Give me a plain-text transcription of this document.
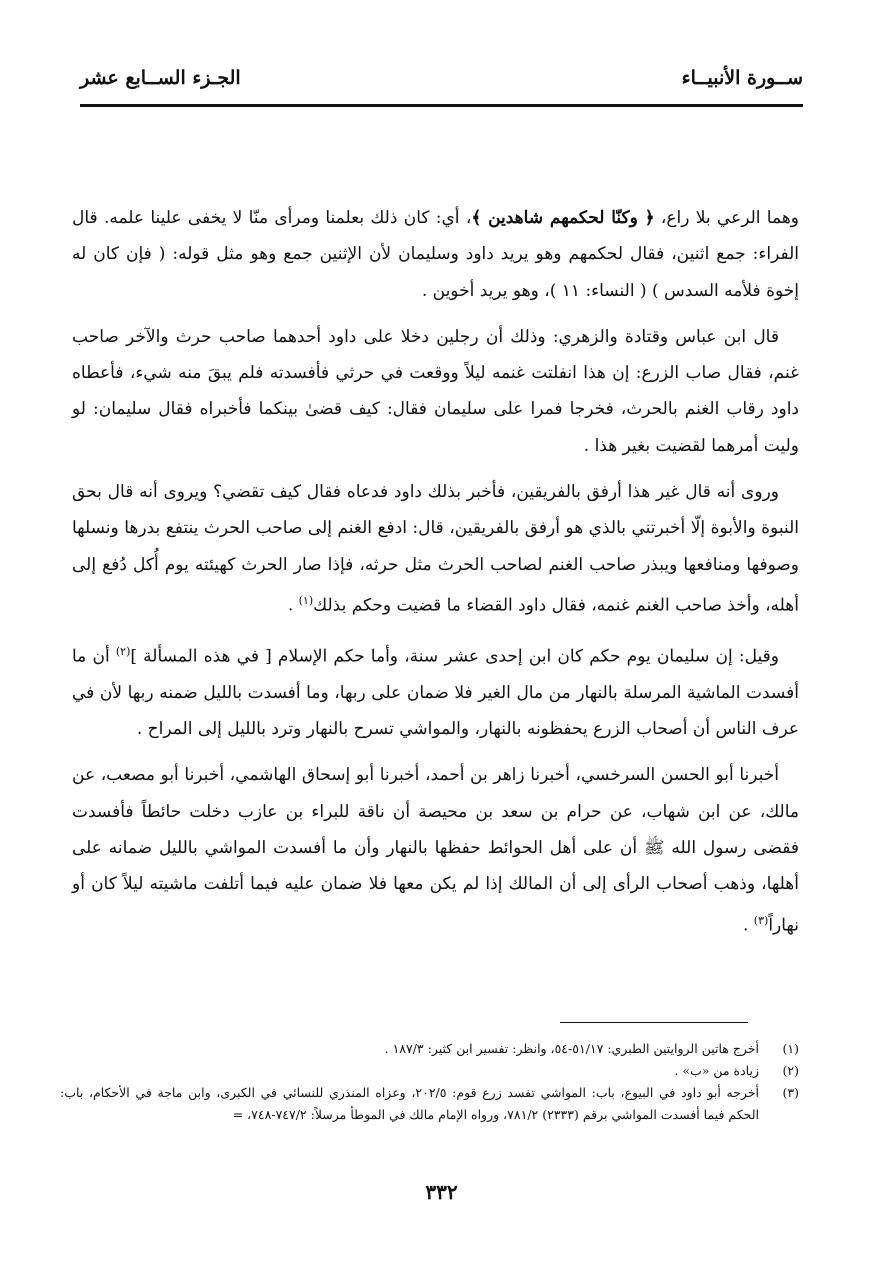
ســورة الأنبيــاء
الجـزء الســابع عشر

وهما الرعي بلا راع، ﴿ وكنّا لحكمهم شاهدين ﴾، أي: كان ذلك بعلمنا ومرأى منّا لا يخفى علينا علمه. قال الفراء: جمع اثنين، فقال لحكمهم وهو يريد داود وسليمان لأن الإثنين جمع وهو مثل قوله: ( فإن كان له إخوة فلأمه السدس ) ( النساء: ١١ )، وهو يريد أخوين .

قال ابن عباس وقتادة والزهري: وذلك أن رجلين دخلا على داود أحدهما صاحب حرث والآخر صاحب غنم، فقال صاب الزرع: إن هذا انفلتت غنمه ليلاً ووقعت في حرثي فأفسدته فلم يبقَ منه شيء، فأعطاه داود رقاب الغنم بالحرث، فخرجا فمرا على سليمان فقال: كيف قضىٰ بينكما فأخبراه فقال سليمان: لو وليت أمرهما لقضيت بغير هذا .

وروى أنه قال غير هذا أرفق بالفريقين، فأخبر بذلك داود فدعاه فقال كيف تقضي؟ ويروى أنه قال بحق النبوة والأبوة إلّا أخبرتني بالذي هو أرفق بالفريقين، قال: ادفع الغنم إلى صاحب الحرث ينتفع بدرها ونسلها وصوفها ومنافعها ويبذر صاحب الغنم لصاحب الحرث مثل حرثه، فإذا صار الحرث كهيئته يوم أُكل دُفع إلى أهله، وأخذ صاحب الغنم غنمه، فقال داود القضاء ما قضيت وحكم بذلك$^{(١)}$ .

وقيل: إن سليمان يوم حكم كان ابن إحدى عشر سنة، وأما حكم الإسلام [ في هذه المسألة ]$^{(٢)}$ أن ما أفسدت الماشية المرسلة بالنهار من مال الغير فلا ضمان على ربها، وما أفسدت بالليل ضمنه ربها لأن في عرف الناس أن أصحاب الزرع يحفظونه بالنهار، والمواشي تسرح بالنهار وترد بالليل إلى المراح .

أخبرنا أبو الحسن السرخسي، أخبرنا زاهر بن أحمد، أخبرنا أبو إسحاق الهاشمي، أخبرنا أبو مصعب، عن مالك، عن ابن شهاب، عن حرام بن سعد بن محيصة أن ناقة للبراء بن عازب دخلت حائطاً فأفسدت فقضى رسول الله ﷺ أن على أهل الحوائط حفظها بالنهار وأن ما أفسدت المواشي بالليل ضمانه على أهلها، وذهب أصحاب الرأى إلى أن المالك إذا لم يكن معها فلا ضمان عليه فيما أتلفت ماشيته ليلاً كان أو نهاراً$^{(٣)}$ .

(١)
أخرج هاتين الروايتين الطبري: ٥١/١٧-٥٤، وانظر: تفسير ابن كثير: ١٨٧/٣ .
(٢)
زيادة من «ب» .
(٣)
أخرجه أبو داود في البيوع، باب: المواشي تفسد زرع قوم: ٢٠٢/٥، وعزاه المنذري للنسائي في الكبرى، وابن ماجة في الأحكام، باب: الحكم فيما أفسدت المواشي برقم (٢٣٣٣) ٧٨١/٢، ورواه الإمام مالك في الموطأ مرسلاً: ٧٤٧/٢-٧٤٨، =
٣٣٢
